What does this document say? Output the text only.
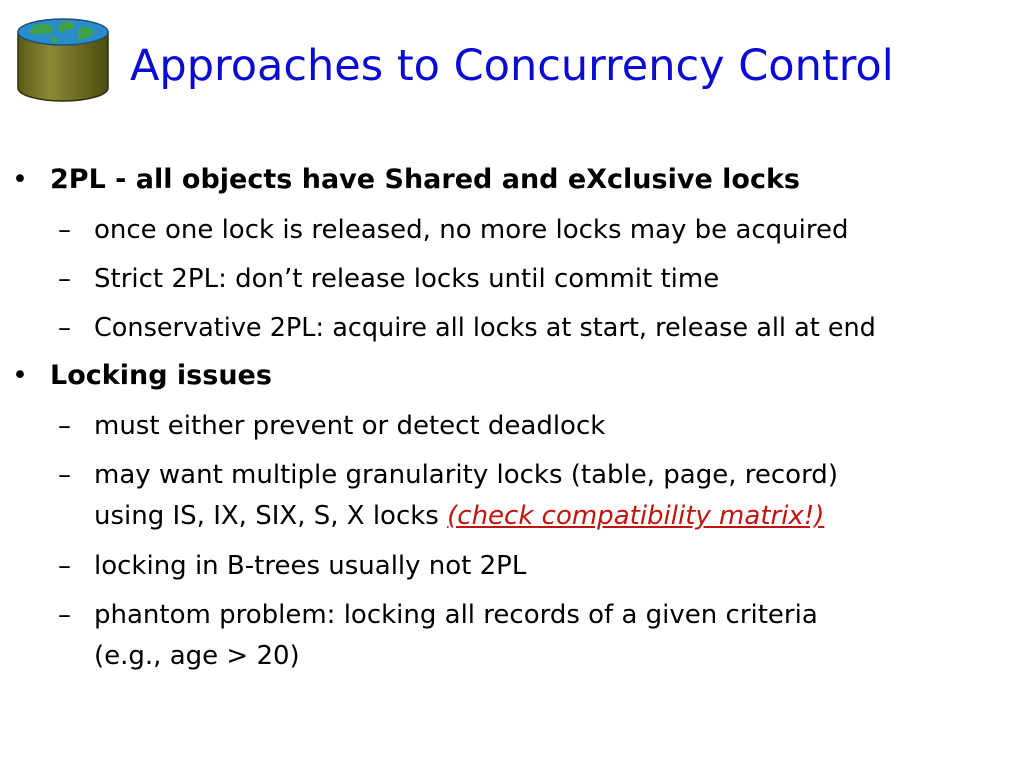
Approaches to Concurrency Control
• 2PL - all objects have Shared and eXclusive locks
– once one lock is released, no more locks may be acquired
– Strict 2PL: don’t release locks until commit time
– Conservative 2PL: acquire all locks at start, release all at end
• Locking issues
– must either prevent or detect deadlock
– may want multiple granularity locks (table, page, record)
using IS, IX, SIX, S, X locks (check compatibility matrix!)
– locking in B-trees usually not 2PL
– phantom problem: locking all records of a given criteria
(e.g., age > 20)
